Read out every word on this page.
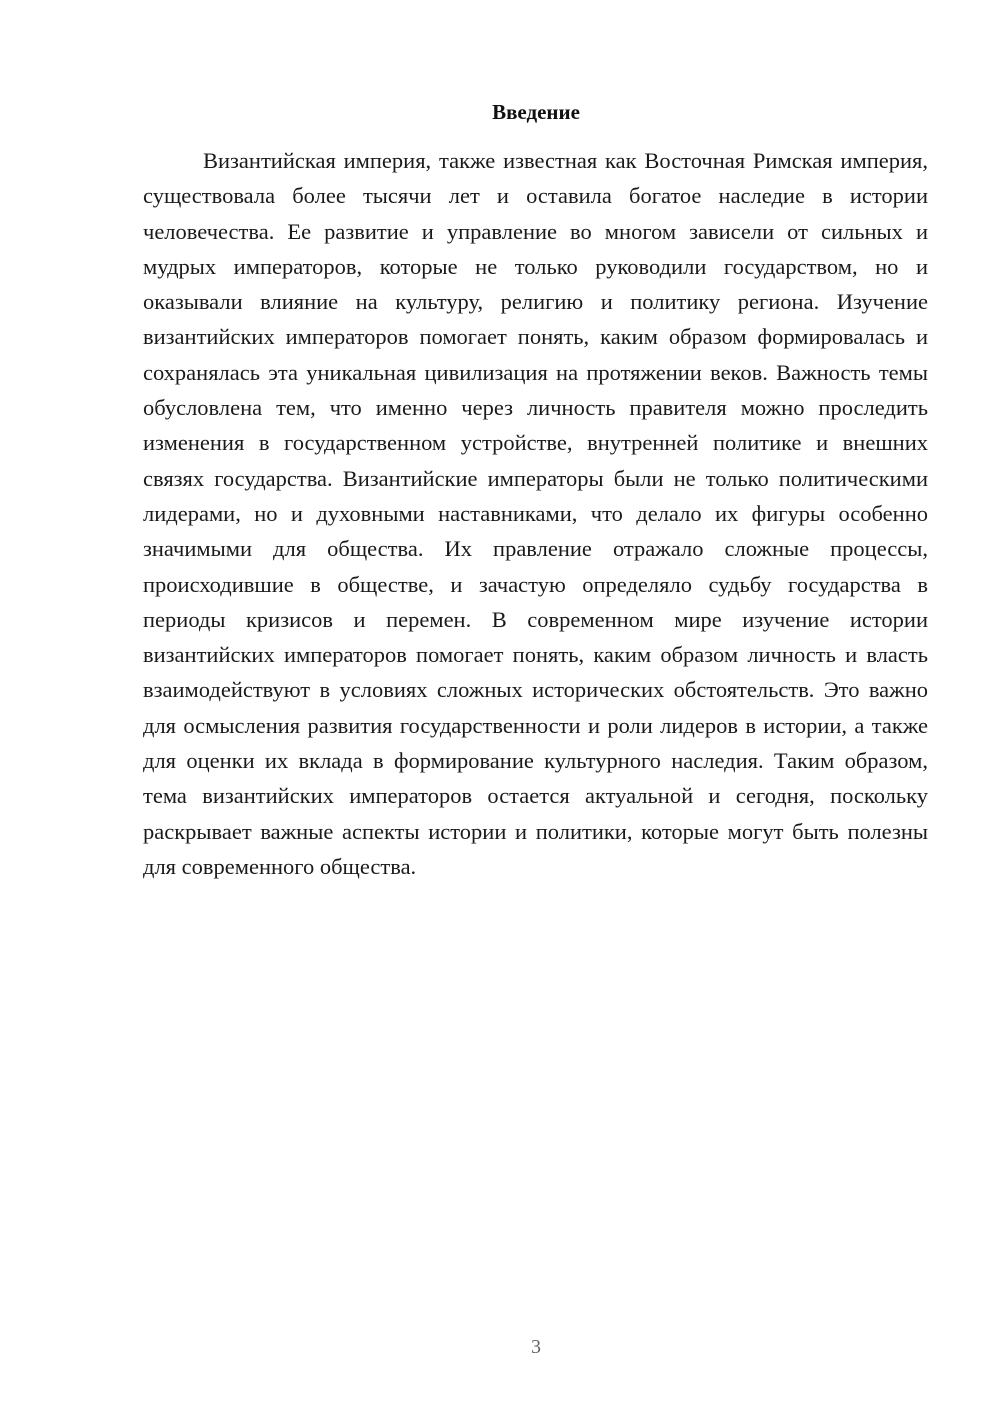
Введение

Византийская империя, также известная как Восточная Римская империя, существовала более тысячи лет и оставила богатое наследие в истории человечества. Ее развитие и управление во многом зависели от сильных и мудрых императоров, которые не только руководили государством, но и оказывали влияние на культуру, религию и политику региона. Изучение византийских императоров помогает понять, каким образом формировалась и сохранялась эта уникальная цивилизация на протяжении веков. Важность темы обусловлена тем, что именно через личность правителя можно проследить изменения в государственном устройстве, внутренней политике и внешних связях государства. Византийские императоры были не только политическими лидерами, но и духовными наставниками, что делало их фигуры особенно значимыми для общества. Их правление отражало сложные процессы, происходившие в обществе, и зачастую определяло судьбу государства в периоды кризисов и перемен. В современном мире изучение истории византийских императоров помогает понять, каким образом личность и власть взаимодействуют в условиях сложных исторических обстоятельств. Это важно для осмысления развития государственности и роли лидеров в истории, а также для оценки их вклада в формирование культурного наследия. Таким образом, тема византийских императоров остается актуальной и сегодня, поскольку раскрывает важные аспекты истории и политики, которые могут быть полезны для современного общества.

3
